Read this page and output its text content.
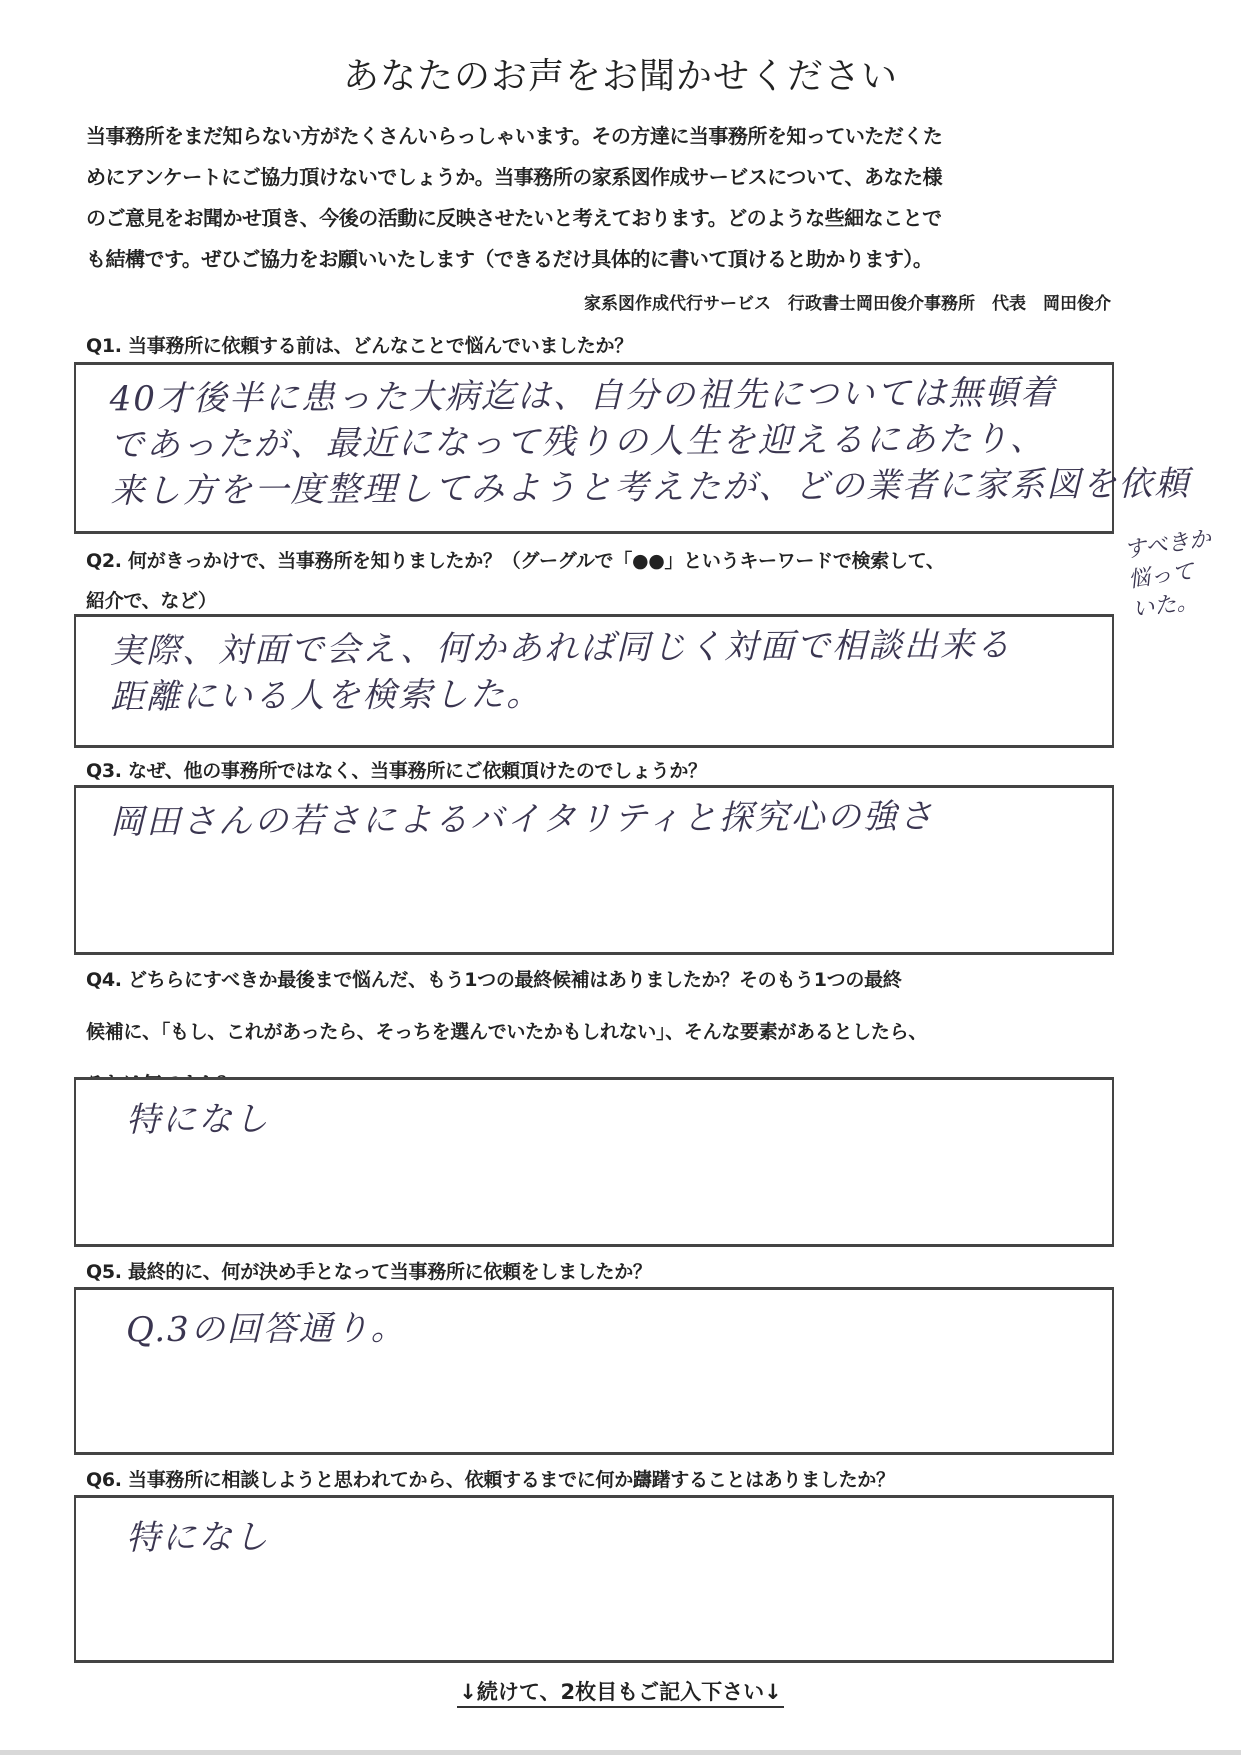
あなたのお声をお聞かせください

当事務所をまだ知らない方がたくさんいらっしゃいます。その方達に当事務所を知っていただくた

めにアンケートにご協力頂けないでしょうか。当事務所の家系図作成サービスについて、あなた様

のご意見をお聞かせ頂き、今後の活動に反映させたいと考えております。どのような些細なことで

も結構です。ぜひご協力をお願いいたします（できるだけ具体的に書いて頂けると助かります）。

家系図作成代行サービス　行政書士岡田俊介事務所　代表　岡田俊介

Q1. 当事務所に依頼する前は、どんなことで悩んでいましたか？

40才後半に患った大病迄は、自分の祖先については無頓着

であったが、最近になって残りの人生を迎えるにあたり、

来し方を一度整理してみようと考えたが、どの業者に家系図を依頼

すべきか

悩って

いた。

Q2. 何がきっかけで、当事務所を知りましたか？（グーグルで「●●」というキーワードで検索して、

紹介で、など）

実際、対面で会え、何かあれば同じく対面で相談出来る

距離にいる人を検索した。

Q3. なぜ、他の事務所ではなく、当事務所にご依頼頂けたのでしょうか？

岡田さんの若さによるバイタリティと探究心の強さ

Q4. どちらにすべきか最後まで悩んだ、もう1つの最終候補はありましたか？そのもう1つの最終

候補に、「もし、これがあったら、そっちを選んでいたかもしれない」、そんな要素があるとしたら、

特になし

Q5. 最終的に、何が決め手となって当事務所に依頼をしましたか？

Q.3の回答通り。

Q6. 当事務所に相談しようと思われてから、依頼するまでに何か躊躇することはありましたか？

特になし

↓続けて、2枚目もご記入下さい↓
